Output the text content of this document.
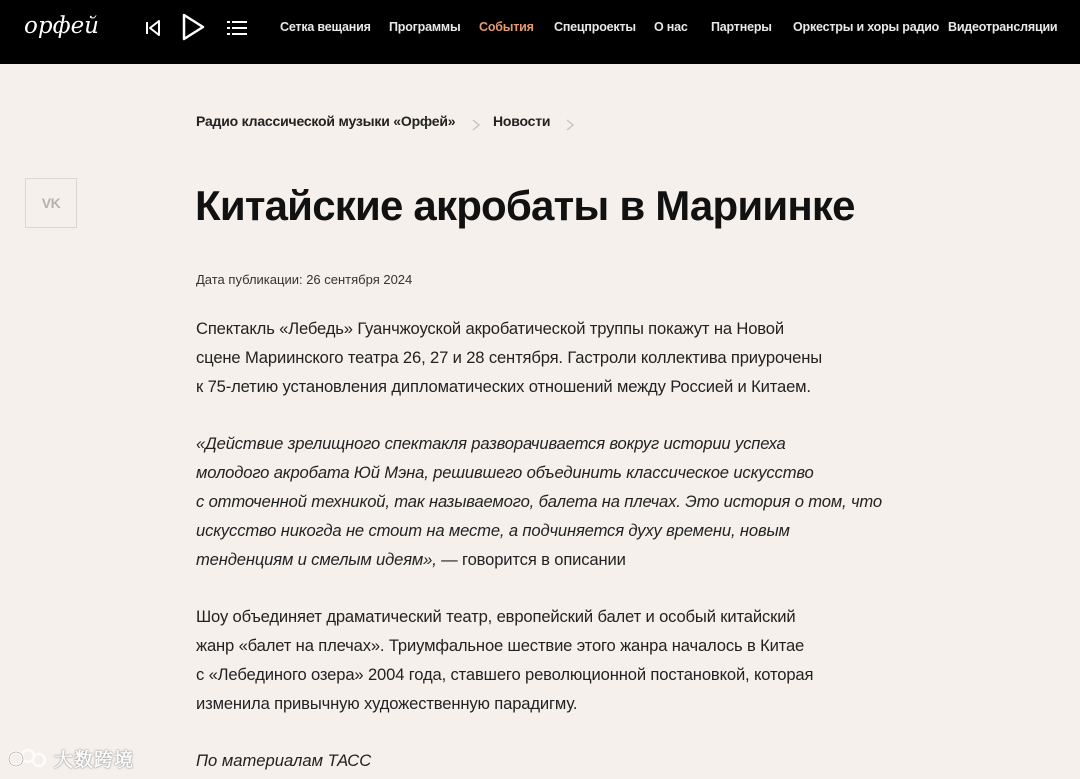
орфей	Сетка вещания Программы События Спецпроекты О нас Партнеры Оркестры и хоры радио Видеотрансляции
Радио классической музыки «Орфей»	Новости
VK	Китайские акробаты в Мариинке
Дата публикации: 26 сентября 2024
Спектакль «Лебедь» Гуанчжоуской акробатической труппы покажут на Новой
сцене Мариинского театра 26, 27 и 28 сентября. Гастроли коллектива приурочены
к 75-летию установления дипломатических отношений между Россией и Китаем.
«Действие зрелищного спектакля разворачивается вокруг истории успеха
молодого акробата Юй Мэна, решившего объединить классическое искусство
с отточенной техникой, так называемого, балета на плечах. Это история о том, что
искусство никогда не стоит на месте, а подчиняется духу времени, новым
тенденциям и смелым идеям», — говорится в описании
Шоу объединяет драматический театр, европейский балет и особый китайский
жанр «балет на плечах». Триумфальное шествие этого жанра началось в Китае
с «Лебединого озера» 2004 года, ставшего революционной постановкой, которая
изменила привычную художественную парадигму.
По материалам ТАСС
大数跨境
